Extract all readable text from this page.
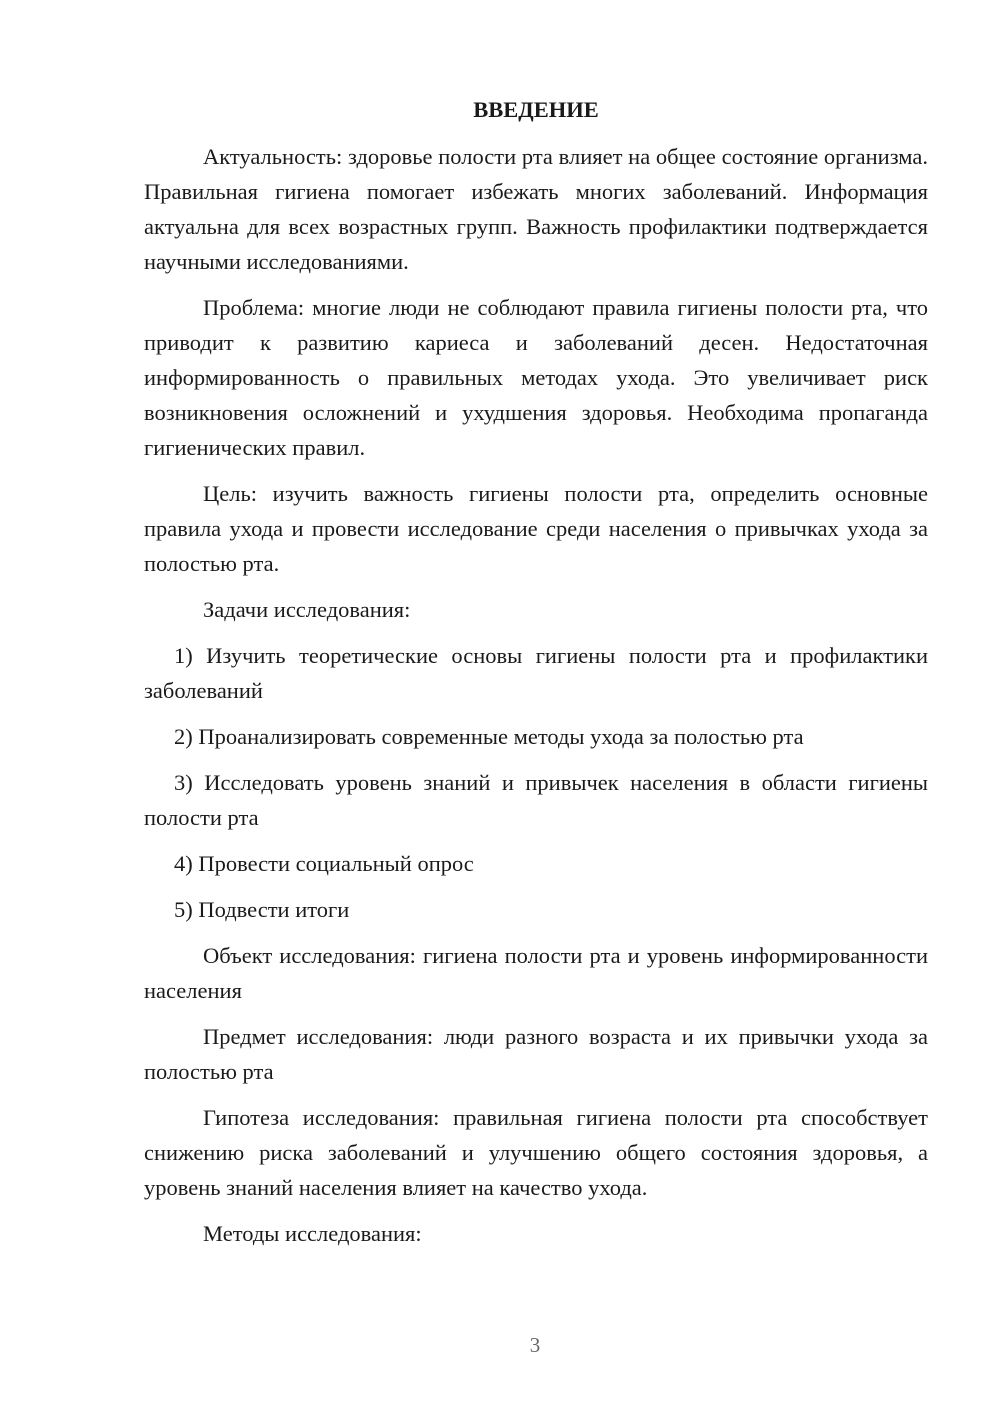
ВВЕДЕНИЕ

Актуальность: здоровье полости рта влияет на общее состояние организма. Правильная гигиена помогает избежать многих заболеваний. Информация актуальна для всех возрастных групп. Важность профилактики подтверждается научными исследованиями.

Проблема: многие люди не соблюдают правила гигиены полости рта, что приводит к развитию кариеса и заболеваний десен. Недостаточная информированность о правильных методах ухода. Это увеличивает риск возникновения осложнений и ухудшения здоровья. Необходима пропаганда гигиенических правил.

Цель: изучить важность гигиены полости рта, определить основные правила ухода и провести исследование среди населения о привычках ухода за полостью рта.

Задачи исследования:

1) Изучить теоретические основы гигиены полости рта и профилактики заболеваний

2) Проанализировать современные методы ухода за полостью рта

3) Исследовать уровень знаний и привычек населения в области гигиены полости рта

4) Провести социальный опрос

5) Подвести итоги

Объект исследования: гигиена полости рта и уровень информированности населения

Предмет исследования: люди разного возраста и их привычки ухода за полостью рта

Гипотеза исследования: правильная гигиена полости рта способствует снижению риска заболеваний и улучшению общего состояния здоровья, а уровень знаний населения влияет на качество ухода.

Методы исследования:

3
